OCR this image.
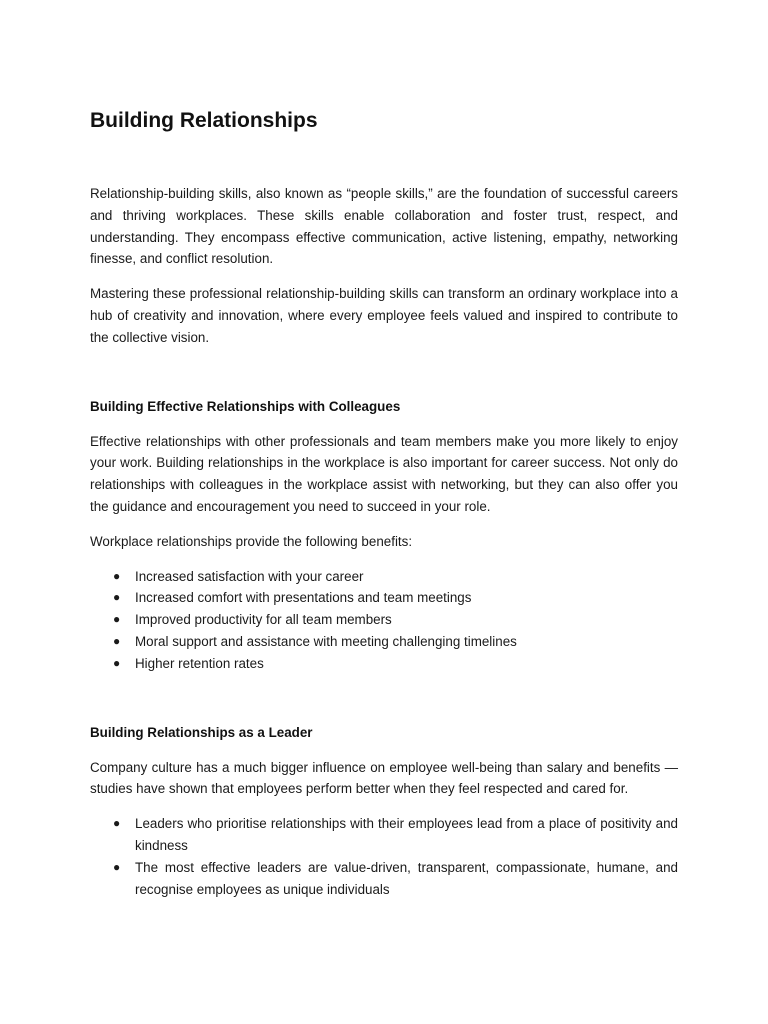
Building Relationships

Relationship-building skills, also known as “people skills,” are the foundation of successful careers and thriving workplaces. These skills enable collaboration and foster trust, respect, and understanding. They encompass effective communication, active listening, empathy, networking finesse, and conflict resolution.

Mastering these professional relationship-building skills can transform an ordinary workplace into a hub of creativity and innovation, where every employee feels valued and inspired to contribute to the collective vision.

Building Effective Relationships with Colleagues

Effective relationships with other professionals and team members make you more likely to enjoy your work. Building relationships in the workplace is also important for career success. Not only do relationships with colleagues in the workplace assist with networking, but they can also offer you the guidance and encouragement you need to succeed in your role.

Workplace relationships provide the following benefits:

● Increased satisfaction with your career
● Increased comfort with presentations and team meetings
● Improved productivity for all team members
● Moral support and assistance with meeting challenging timelines
● Higher retention rates
Building Relationships as a Leader

Company culture has a much bigger influence on employee well-being than salary and benefits — studies have shown that employees perform better when they feel respected and cared for.

● Leaders who prioritise relationships with their employees lead from a place of positivity and kindness
● The most effective leaders are value-driven, transparent, compassionate, humane, and recognise employees as unique individuals
